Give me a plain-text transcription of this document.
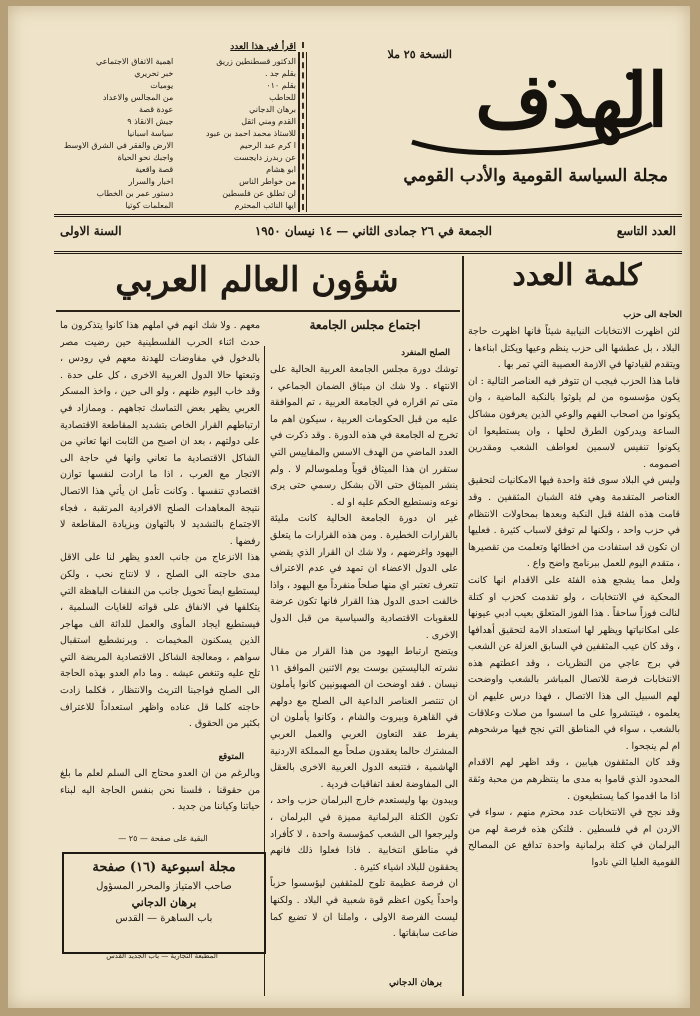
النسخة ٢٥ ملا
الهدف
مجلة السياسة القومية والأدب القومي
اقرأ في هذا العدد
الدكتور قسطنطين زريق
اهمية الاتفاق الاجتماعي
بقلم جد .
خبر تحريري
بقلم ٠١٠
يومیات
للحاطب
من المجالس والاعداد
برهان الدجاني
عودة قصة
القدم ومني اثقل
جيش الانقاذ ٩
للاستاذ محمد احمد بن عبود
سياسة اسبانيا
ا كرم عبد الرحيم
الارض والفقر في الشرق الاوسط
عن ربدرز دايجست
واجبك نحو الحياة
ابو هشام
قصة واقعية
من خواطر الناس
اخبار والسرار
لن تطلق عن فلسطين
دستور عمر بن الخطاب
ايها النائب المحترم
المعلمات كوتيا
العدد التاسع
الجمعة في ٢٦ جمادى الثاني — ١٤ نيسان ١٩٥٠
السنة الاولى
كلمة العدد
الحاجة الى حزب

لئن اظهرت الانتخابات النيابية شيئاً فانها اظهرت حاجة البلاد ، بل عطشها الى حزب ينظم وعيها ويكتل ابناءها ، ويتقدم لقيادتها في الازمة العصيبة التي تمر بها .

فاما هذا الحزب فيجب ان تتوفر فيه العناصر التالية : ان يكون مؤسسوه من لم يلوثوا بالنكبة الماضية ، وان يكونوا من اصحاب الفهم والوعي الذين يعرفون مشاكل الساعة ويدركون الطرق لحلها ، وان يستطيعوا ان يكونوا تنفيس لاسمين لعواطف الشعب ومقدرين اصمومه .

وليس في البلاد سوى فئة واحدة فيها الامكانيات لتحقيق العناصر المتقدمة وهي فئة الشبان المثقفين . وقد قامت هذه الفئة قبل النكبة وبعدها بمحاولات الانتظام في حزب واحد ، ولكنها لم توفق لاسباب كثيرة . فعليها ان تكون قد استفادت من اخطائها وتعلمت من تقصيرها ، متقدم اليوم للعمل ببرنامج واضح واع .

ولعل مما يشجع هذه الفئة على الاقدام انها كانت المحكية في الانتخابات ، ولو تقدمت كحزب او كتلة لنالت فوزاً ساحقاً . هذا الفوز المتعلق بعيب ادبي عيونها على امكانياتها ويظهر لها استعداد الامة لتحقيق أهدافها ، وقد كان عيب المثقفين في السابق العزلة عن الشعب في برج عاجي من النظريات ، وقد اعطتهم هذه الانتخابات فرصة للاتصال المباشر بالشعب واوضحت لهم السبيل الى هذا الاتصال ، فهذا درس عليهم ان يعلموه ، فينتشروا على ما اسسوا من صلات وعلاقات بالشعب ، سواء في المناطق التي نجح فيها مرشحوهم ام لم ينجحوا .

وقد كان المثقفون هيابين ، وقد اظهر لهم الاقدام المحدود الذي قاموا به مدى ما ينتظرهم من محبة وثقة اذا ما اقدموا كما يستطيعون .

وقد نجح في الانتخابات عدد محترم منهم ، سواء في الاردن ام في فلسطين . فلتكن هذه فرصة لهم من البرلمان في كتلة برلمانية واحدة تدافع عن المصالح القومية العليا التي نادوا

شؤون العالم العربي
اجتماع مجلس الجامعة
الصلح المنفرد

توشك دورة مجلس الجامعة العربية الحالية على الانتهاء . ولا شك ان ميثاق الضمان الجماعي ، متى تم اقراره في الجامعة العربية ، تم الموافقة عليه من قبل الحكومات العربية ، سيكون اهم ما تخرج له الجامعة في هذه الدورة . وقد ذكرت في العدد الماضي من الهدف الاسس والمقاييس التي ستقرر ان هذا الميثاق قوياً وملموسالم لا . ولم ينشر الميثاق حتى الآن بشكل رسمي حتى يرى نوعه ونستطيع الحكم عليه او له .

غير ان دورة الجامعة الحالية كانت مليئة بالقرارات الخطيرة . ومن هذه القرارات ما يتعلق اليهود واغرضهم ، ولا شك ان القرار الذي يقضي على الدول الاعضاء ان تمهد في عدم الاعتراف تتعرف تعتبر اي منها صلحاً منفرداً مع اليهود ، واذا خالفت احدى الدول هذا القرار فانها تكون عرضة للعقوبات الاقتصادية والسياسية من قبل الدول الاخرى .

ويتضح ارتباط اليهود من هذا القرار من مقال نشرته الباليستين بوست يوم الاثنين الموافق ١١ نيسان . فقد اوضحت ان الصهيونيين كانوا يأملون ان تنتصر العناصر الداعية الى الصلح مع دولهم في القاهرة وبيروت والشام ، وكانوا يأملون ان يفرط عقد التعاون العربي والعمل العربي المشترك حالما يعقدون صلحاً مع المملكة الاردنية الهاشمية ، فتتبعه الدول العربية الاخرى بالعقل الى المفاوضة لعقد اتفاقيات فردية .

ويبدون بها وليستعدم خارج البرلمان حزب واحد ، تكون الكتلة البرلمانية مميزة في البرلمان ، وليرجعوا الى الشعب كمؤسسة واحدة ، لا كأفراد في مناطق انتخابية . فاذا فعلوا ذلك فانهم يحققون للبلاد اشياء كثيرة .

ان فرصة عظيمة تلوح للمثقفين ليؤسسوا حزباً واحداً يكون اعظم قوة شعبية في البلاد . ولكنها ليست الفرصة الاولى ، واملنا ان لا تضيع كما ضاعت سابقاتها .

برهان الدجاني

معهم . ولا شك انهم في املهم هذا كانوا يتذكرون ما حدث اثناء الحرب الفلسطينية حين رضيت مصر بالدخول في مفاوضات للهدنة معهم في رودس ، وتبعتها حالا الدول العربية الاخرى ، كل على حدة . وقد خاب اليوم ظنهم ، ولو الى حين ، واخذ المسكر العربي يظهر بعض التماسك تجاههم . وممازاد في ارتباطهم القرار الخاص بتشديد المقاطعة الاقتصادية على دولتهم ، بعد ان اصبح من الثابت انها تعاني من الشاكل الاقتصادية ما تعاني وانها في حاجة الى الاتجار مع العرب ، اذا ما ارادت لنفسها توازن اقتصادي تنفسها . وكانت تأمل ان يأتي هذا الاتصال نتيجة المعاهدات الصلح الافرادية المرتقبة ، فجاء الاجتماع بالتشديد لا بالتهاون وبزيادة المقاطعة لا رفضها .

هذا الانزعاج من جانب العدو يظهر لنا على الاقل مدى حاجته الى الصلح ، لا لانتاج نحب ، ولكن ليستطيع ايضاً تحويل جانب من النفقات الباهظة التي يتكلفها في الانفاق على قواته للغايات السلمية ، فيستطيع ايجاد المأوى والعمل للدائة الف مهاجر الذين يسكنون المخيمات . وبرنشطيع استقبال سواهم ، ومعالجة الشاكل الاقتصادية المريضة التي تلح عليه وتنغص عيشه . وما دام العدو بهذه الحاجة الى الصلح فواجبنا التريث والانتظار ، فكلما زادت حاجته كلما قل عناده واظهر استعداداً للاعتراف بكثير من الحقوق .

المتوقع

وبالرغم من ان العدو محتاج الى السلم لعلم ما بلغ من حقوقنا ، فلسنا نحن بنفس الحاجة اليه لبناء حياتنا وكياننا من جديد .

البقية على صفحة — ٢٥ —
مجلة اسبوعية (١٦) صفحة
صاحب الامتياز والمحرر المسؤول
برهان الدجاني
باب الساهرة — القدس
المطبعة التجارية — باب الجديد القدس
